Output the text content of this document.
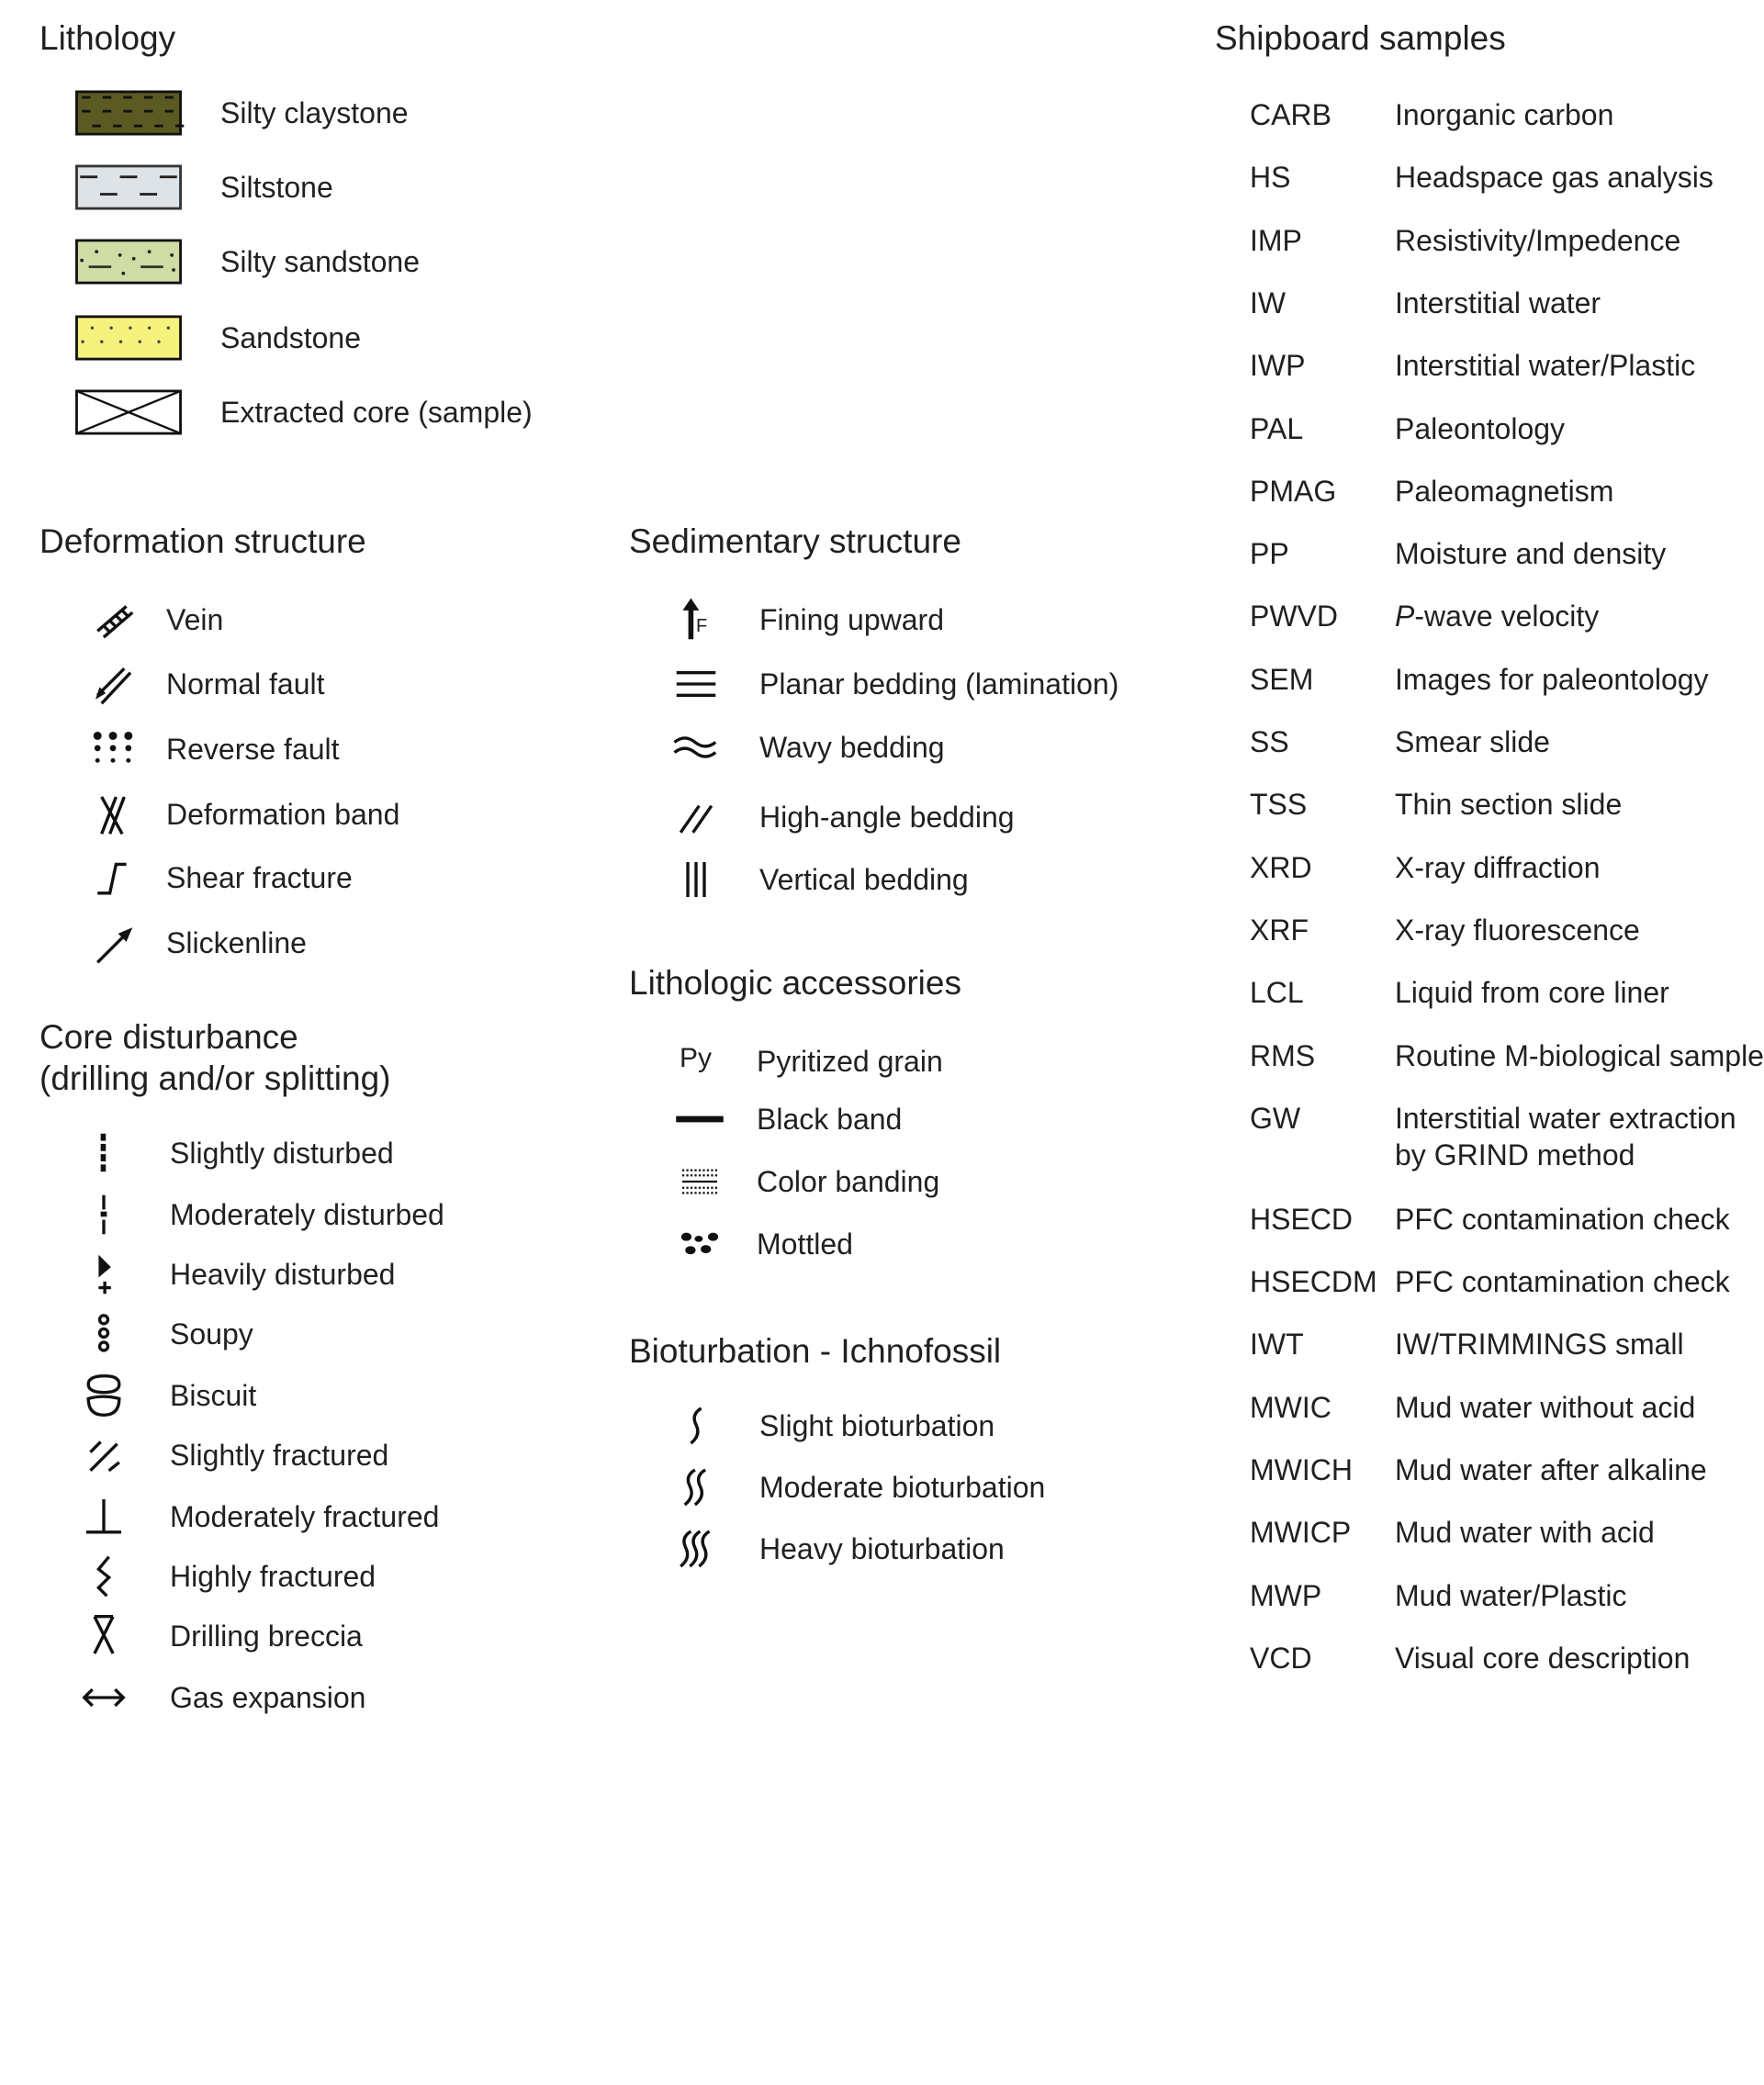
Lithology
Silty claystone
Siltstone
Silty sandstone
Sandstone
Extracted core (sample)
Deformation structure
Vein
Normal fault
Reverse fault
Deformation band
Shear fracture
Slickenline
Core disturbance
(drilling and/or splitting)
Slightly disturbed
Moderately disturbed
Heavily disturbed
Soupy
Biscuit
Slightly fractured
Moderately fractured
Highly fractured
Drilling breccia
Gas expansion
Sedimentary structure
F Fining upward
Planar bedding (lamination)
Wavy bedding
High-angle bedding
Vertical bedding
Lithologic accessories
Py Pyritized grain
Black band
Color banding
Mottled
Bioturbation - Ichnofossil
Slight bioturbation
Moderate bioturbation
Heavy bioturbation
Shipboard samples
CARB Inorganic carbon
HS	Headspace gas analysis
IMP	Resistivity/Impedence
IW	Interstitial water
IWP	Interstitial water/Plastic
PAL	Paleontology
PMAG Paleomagnetism
PP	Moisture and density
PWVD P-wave velocity
SEM	Images for paleontology
SS	Smear slide
TSS	Thin section slide
XRD	X-ray diffraction
XRF	X-ray fluorescence
LCL	Liquid from core liner
RMS	Routine M-biological sample
GW	Interstitial water extraction
by GRIND method
HSECD PFC contamination check
HSECDM PFC contamination check
IWT	IW/TRIMMINGS small
MWIC Mud water without acid
MWICH Mud water after alkaline
MWICP Mud water with acid
MWP Mud water/Plastic
VCD	Visual core description
